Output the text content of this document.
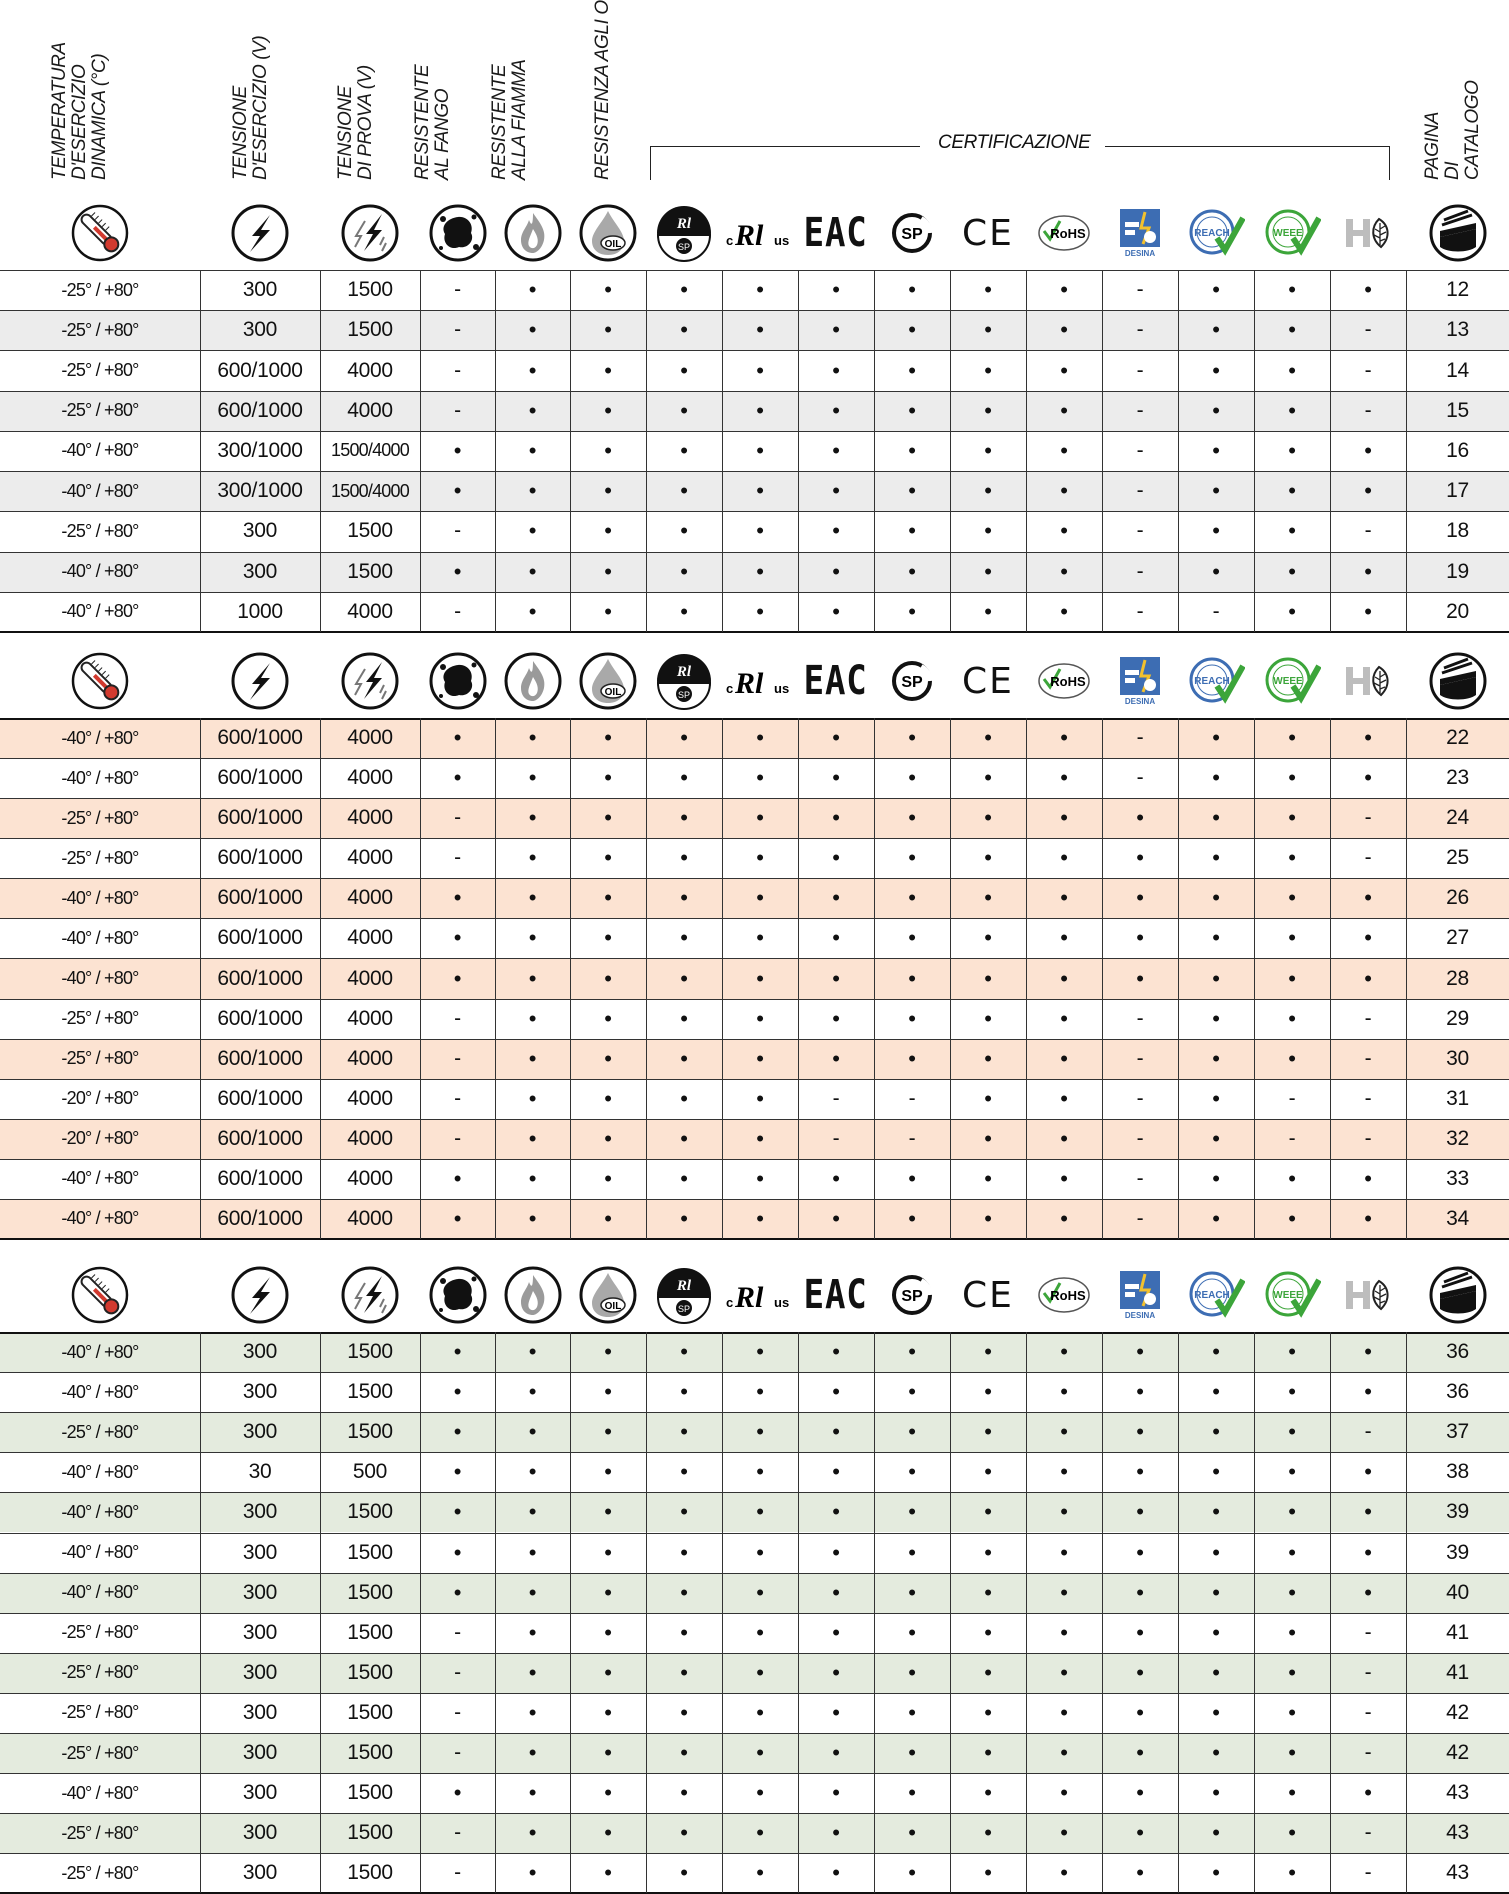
TEMPERATURA
D'ESERCIZIO
DINAMICA (°C)
TENSIONE
D'ESERCIZIO (V)
TENSIONE
DI PROVA (V) RESISTENTE
AL FANGO RESISTENTE
ALLA FIAMMA	RESISTENZA AGLI OLI	PAGINA
DI CATALOGO
CERTIFICAZIONE
OIL
Rl
SP	c Rl us EAC SP CE	RoHS
DESINA
REACH	WEEE
OIL
Rl
SP	c Rl us EAC SP CE	RoHS
DESINA
REACH	WEEE
OIL
Rl
SP	c Rl us EAC SP CE	RoHS
DESINA
REACH	WEEE
-25° / +80°	300	1500	-	•	•	•	•	•	•	•	•	-	•	•	•	12
-25° / +80°	300	1500	-	•	•	•	•	•	•	•	•	-	•	•	-	13
-25° / +80°	600/1000	4000	-	•	•	•	•	•	•	•	•	-	•	•	-	14
-25° / +80°	600/1000	4000	-	•	•	•	•	•	•	•	•	-	•	•	-	15
-40° / +80°	300/1000	1500/4000	•	•	•	•	•	•	•	•	•	-	•	•	•	16
-40° / +80°	300/1000	1500/4000	•	•	•	•	•	•	•	•	•	-	•	•	•	17
-25° / +80°	300	1500	-	•	•	•	•	•	•	•	•	-	•	•	-	18
-40° / +80°	300	1500	•	•	•	•	•	•	•	•	•	-	•	•	•	19
-40° / +80°	1000	4000	-	•	•	•	•	•	•	•	•	-	-	•	•	20
-40° / +80°	600/1000	4000	•	•	•	•	•	•	•	•	•	-	•	•	•	22
-40° / +80°	600/1000	4000	•	•	•	•	•	•	•	•	•	-	•	•	•	23
-25° / +80°	600/1000	4000	-	•	•	•	•	•	•	•	•	•	•	•	-	24
-25° / +80°	600/1000	4000	-	•	•	•	•	•	•	•	•	•	•	•	-	25
-40° / +80°	600/1000	4000	•	•	•	•	•	•	•	•	•	•	•	•	•	26
-40° / +80°	600/1000	4000	•	•	•	•	•	•	•	•	•	•	•	•	•	27
-40° / +80°	600/1000	4000	•	•	•	•	•	•	•	•	•	•	•	•	•	28
-25° / +80°	600/1000	4000	-	•	•	•	•	•	•	•	•	-	•	•	-	29
-25° / +80°	600/1000	4000	-	•	•	•	•	•	•	•	•	-	•	•	-	30
-20° / +80°	600/1000	4000	-	•	•	•	•	-	-	•	•	-	•	-	-	31
-20° / +80°	600/1000	4000	-	•	•	•	•	-	-	•	•	-	•	-	-	32
-40° / +80°	600/1000	4000	•	•	•	•	•	•	•	•	•	-	•	•	•	33
-40° / +80°	600/1000	4000	•	•	•	•	•	•	•	•	•	-	•	•	•	34
-40° / +80°	300	1500	•	•	•	•	•	•	•	•	•	•	•	•	•	36
-40° / +80°	300	1500	•	•	•	•	•	•	•	•	•	•	•	•	•	36
-25° / +80°	300	1500	•	•	•	•	•	•	•	•	•	•	•	•	-	37
-40° / +80°	30	500	•	•	•	•	•	•	•	•	•	•	•	•	•	38
-40° / +80°	300	1500	•	•	•	•	•	•	•	•	•	•	•	•	•	39
-40° / +80°	300	1500	•	•	•	•	•	•	•	•	•	•	•	•	•	39
-40° / +80°	300	1500	•	•	•	•	•	•	•	•	•	•	•	•	•	40
-25° / +80°	300	1500	-	•	•	•	•	•	•	•	•	•	•	•	-	41
-25° / +80°	300	1500	-	•	•	•	•	•	•	•	•	•	•	•	-	41
-25° / +80°	300	1500	-	•	•	•	•	•	•	•	•	•	•	•	-	42
-25° / +80°	300	1500	-	•	•	•	•	•	•	•	•	•	•	•	-	42
-40° / +80°	300	1500	•	•	•	•	•	•	•	•	•	•	•	•	•	43
-25° / +80°	300	1500	-	•	•	•	•	•	•	•	•	•	•	•	-	43
-25° / +80°	300	1500	-	•	•	•	•	•	•	•	•	•	•	•	-	43
